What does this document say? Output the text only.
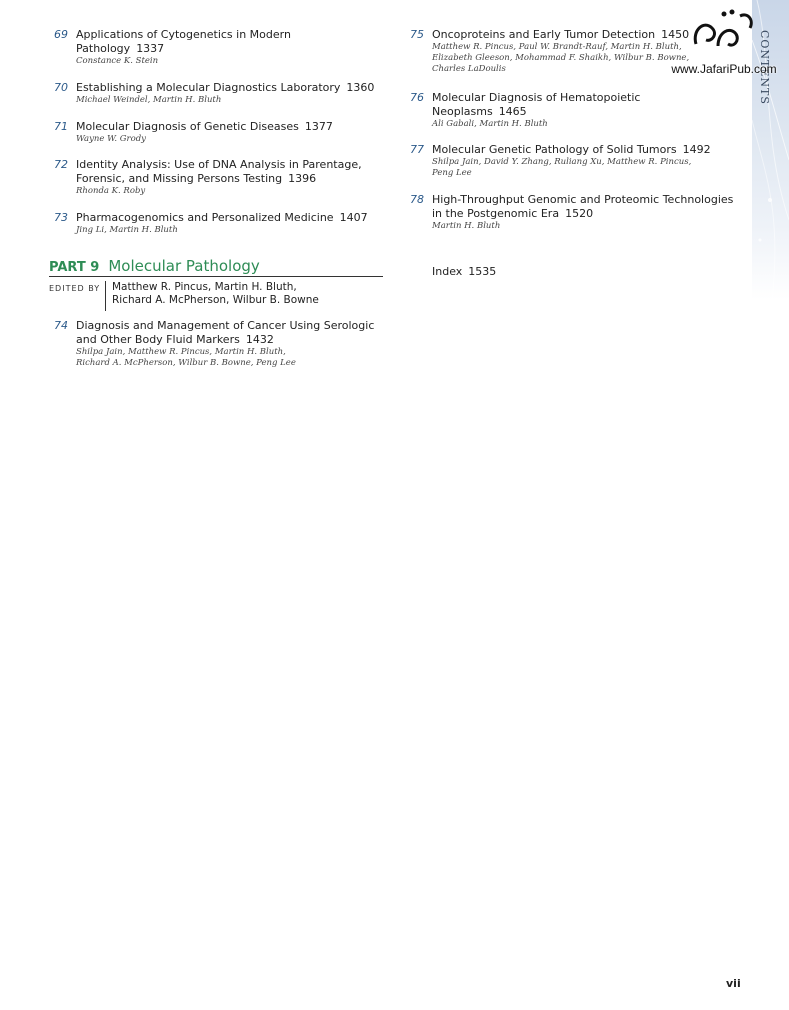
CONTENTS
www.JafariPub.com
69 Applications of Cytogenetics in Modern
Pathology 1337
Constance K. Stein
70 Establishing a Molecular Diagnostics Laboratory 1360
Michael Weindel, Martin H. Bluth
71 Molecular Diagnosis of Genetic Diseases 1377
Wayne W. Grody
72 Identity Analysis: Use of DNA Analysis in Parentage,
Forensic, and Missing Persons Testing 1396
Rhonda K. Roby
73 Pharmacogenomics and Personalized Medicine 1407
Jing Li, Martin H. Bluth
PART 9 Molecular Pathology
EDITED BY Matthew R. Pincus, Martin H. Bluth,
Richard A. McPherson, Wilbur B. Bowne
74 Diagnosis and Management of Cancer Using Serologic
and Other Body Fluid Markers 1432
Shilpa Jain, Matthew R. Pincus, Martin H. Bluth,
Richard A. McPherson, Wilbur B. Bowne, Peng Lee
75 Oncoproteins and Early Tumor Detection 1450
Matthew R. Pincus, Paul W. Brandt-Rauf, Martin H. Bluth,
Elizabeth Gleeson, Mohammad F. Shaikh, Wilbur B. Bowne,
Charles LaDoulis
76 Molecular Diagnosis of Hematopoietic
Neoplasms 1465
Ali Gabali, Martin H. Bluth
77 Molecular Genetic Pathology of Solid Tumors 1492
Shilpa Jain, David Y. Zhang, Ruliang Xu, Matthew R. Pincus,
Peng Lee
78 High-Throughput Genomic and Proteomic Technologies
in the Postgenomic Era 1520
Martin H. Bluth
Index 1535
vii
